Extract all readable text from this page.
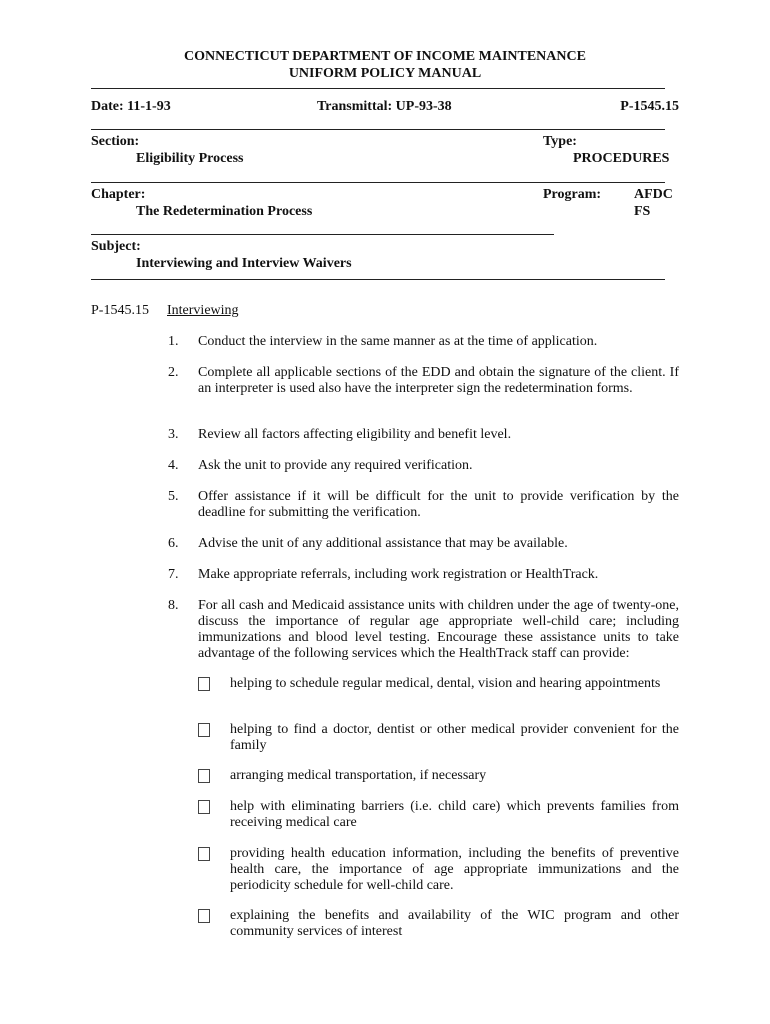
CONNECTICUT DEPARTMENT OF INCOME MAINTENANCE
UNIFORM POLICY MANUAL
Date: 11-1-93	Transmittal: UP-93-38	P-1545.15
Section:
Eligibility Process
Type:
PROCEDURES
Chapter:
The Redetermination Process
Program: AFDC
FS
Subject:
Interviewing and Interview Waivers
P-1545.15 Interviewing
1.	Conduct the interview in the same manner as at the time of application.
2.	Complete all applicable sections of the EDD and obtain the signature of the client. If an interpreter is used also have the interpreter sign the redetermination forms.
3.	Review all factors affecting eligibility and benefit level.
4.	Ask the unit to provide any required verification.
5.	Offer assistance if it will be difficult for the unit to provide verification by the deadline for submitting the verification.
6.	Advise the unit of any additional assistance that may be available.
7.	Make appropriate referrals, including work registration or HealthTrack.
8.	For all cash and Medicaid assistance units with children under the age of twenty-one, discuss the importance of regular age appropriate well-child care; including immunizations and blood level testing. Encourage these assistance units to take advantage of the following services which the HealthTrack staff can provide:
helping to schedule regular medical, dental, vision and hearing appointments
helping to find a doctor, dentist or other medical provider convenient for the family
arranging medical transportation, if necessary
help with eliminating barriers (i.e. child care) which prevents families from receiving medical care
providing health education information, including the benefits of preventive health care, the importance of age appropriate immunizations and the periodicity schedule for well-child care.
explaining the benefits and availability of the WIC program and other community services of interest
